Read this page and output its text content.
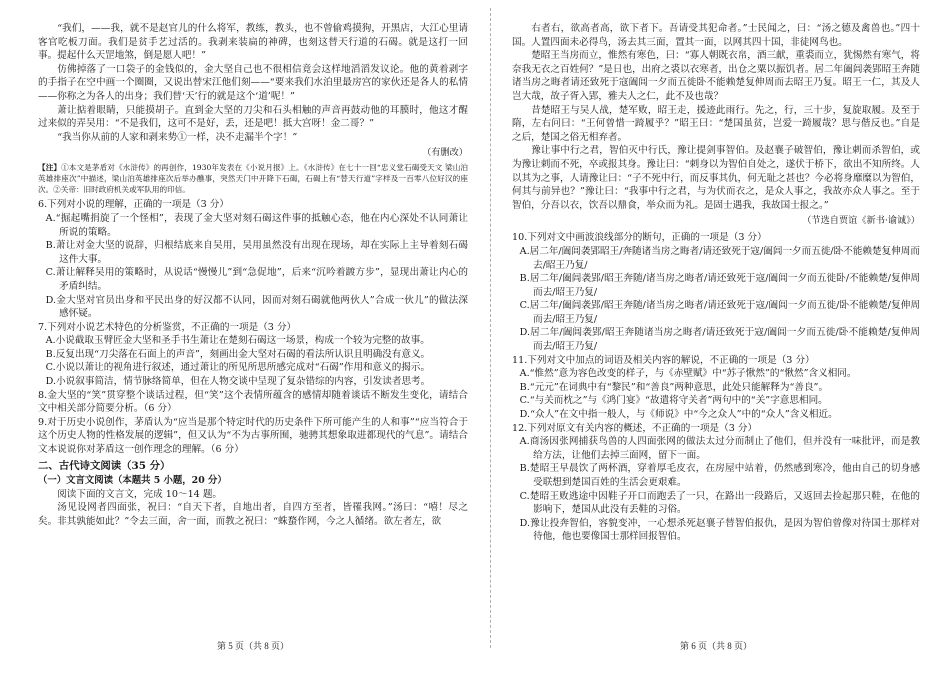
“我们，——我，就不是赵官儿的什么将军，教练，教头，也不曾偷鸡摸狗，开黑店，大江心里请客官吃板刀面。我们是贫手艺过活的。我剥来装扁的神碑，也刻这替天行道的石碣。就是这打一回事。提起什么天罡地煞，倒是愿人吧！”

仿佛掉落了一口袋子的金钱似的，金大坚自己也不很相信竟会这样地滔滔发议论。他的黄着剥字的手指子在空中画一个圈圈，又说出替宋江他们刻——“要来我们水泊里最房宫的家伙还是各人的私情——你称之为各人的出身；我们替‘天’行的就是这个‘道’呢！”

萧让掂着眼睛，只能摸胡子。直到金大坚的刀尖和石头相触的声音再鼓动他的耳膜时，他这才醒过来似的弄吴用：“不是我们，这可不是好，丢，还是吧！抵大宫呀！金二哥？”

“我当你从前的人家和剥来势①一样，决不走漏半个字！”

（有删改）

【注】①本文是茅盾对《水浒传》的再创作，1930年发表在《小说月报》上。《水浒传》在七十一回“忠义堂石碣受天文 梁山泊英雄排座次”中描述，梁山泊英雄排座次后举办醮事，突然天门中开降下石碣，石碣上有“替天行道”字样及一百零八位好汉的座次。②关帝：旧时政府机关或军队用的印信。

6.下列对小说的理解，正确的一项是（3 分）

A.“掘起嘴捐旋了一个怪相”，表现了金大坚对刻石碣这件事的抵触心态，他在内心深处不认同萧让所说的策略。

B.萧让对金大坚的说辞，归根结底来自吴用，吴用虽然没有出现在现场，却在实际上主导着刻石碣这件大事。

C.萧让解释吴用的策略时，从说话“慢慢儿”到“急促地”，后来“沉吟着踱方步”，显现出萧让内心的矛盾纠结。

D.金大坚对官员出身和平民出身的好汉都不认同，因而对刻石碣就他两伙人”合成一伙儿”的做法深感怀疑。

7.下列对小说艺术特色的分析鉴赏，不正确的一项是（3 分）

A.小说截取玉臂匠金大坚和圣手书生萧让在楚刻石碣这一场景，构成一个较为完整的故事。

B.反复出现“刀尖落在石面上的声音”，刻画出金大坚对石碣的看法所认识且明确没有意义。

C.小说以萧让的视角进行叙述，通过萧让的所见所思所感完成对“石碣”作用和意义的揭示。

D.小说叙事简洁，情节脉络简单，但在人物交谈中呈现了复杂错综的内容，引发读者思考。

8.金大坚的“笑”贯穿整个谈话过程，但“笑”这个表情所蕴含的感情却随着谈话不断发生变化，请结合文中相关部分简要分析。（6 分）

9.对于历史小说创作，茅盾认为“应当是那个特定时代的历史条件下所可能产生的人和事”“应当符合于这个历史人物的性格发展的逻辑”，但又认为“不为古事所囿，驰骋其想象取进都现代的气息”。请结合文本说说你对茅盾这一创作理念的理解。（6 分）

二、古代诗文阅读（35 分）

（一）文言文阅读（本题共 5 小题，20 分）

阅读下面的文言文，完成 10～14 题。

汤见设网者四面张，祝曰：“自天下者，自地出者，自四方至者，皆罹我网。”汤曰：“嘻！尽之矣。非其孰能如此？”令去三面，舍一面，而教之祝曰：“蛛蝥作网，今之人循绪。欲左者左，欲

第 5 页（共 8 页）

右者右，欲高者高，欲下者下。吾请受其犯命者。”士民闻之，曰：“汤之德及禽兽也。”四十国。人置四面未必得鸟，汤去其三面，置其一面，以网其四十国，非徒网鸟也。

楚昭王当房而立，惟然有寒色，曰：“寡人朝既衣帛，酒三献，重裘而立，犹惕然有寒气，将奈我无衣之百姓何？”是日也，出府之裘以衣寒者，出仓之粟以振饥者。居二年阖闾袭郢昭王奔随诸当房之晦者请还致死于寇阖闾一夕而五徙卧不能赖楚复伸周而去昭王乃复。昭王一仁，其及人岂大哉，故子胥入郢，雅夫人之仁，此不及也哉？

昔楚昭王与吴人战，楚军败，昭王走，援迹此雨行。先之，行，三十步，复旋取履。及至于隋，左右问曰：“王何曾惜一踦履乎？”昭王曰：“楚国虽贫，岂爱一踦履哉？思与偕反也。”自是之后，楚国之俗无相弃者。

豫让事中行之君，智伯灭中行氏，豫让提剑事智伯。及赵襄子破智伯，豫让刺而杀智伯，或为豫让刺而不死，卒或报其身。豫让曰：“刺身以为智伯自处之，遂伏于桥下，欲出不知所终。人以其为之事，人请豫让曰：“子不死中行，而反事其仇，何无耻之甚也？今必将身靡糜以为智伯，何其与前异也？”豫让曰：“我事中行之君，与为伏而衣之，是众人事之，我故亦众人事之。至于智伯，分吾以衣，饮吾以鼎食，举众而为礼。是固士遇我，我故国士报之。”

（节选自贾谊《新书·谕诚》）

10.下列对文中画波浪线部分的断句，正确的一项是（3 分）

A.居二年/阖闾袭郢昭王/奔随诸当房之晦者/请还致死于寇/阖闾一夕而五徙/卧不能赖楚复伸周而去/昭王乃复/

B.居二年/阖闾袭郢/昭王奔随/诸当房之晦者/请还致死于寇/阖闾一夕而五徙卧/不能赖楚/复伸周而去/昭王乃复/

C.居二年/阖闾袭郢/昭王奔随/诸当房之晦者/请还致死于寇/阖闾一夕而五徙/卧不能赖楚/复伸周而去/昭王乃复/

D.居二年/阖闾袭郢/昭王奔随诸当房之晦者/请还致死于寇/阖闾一夕而五徙/卧不能赖楚/复伸周而去/昭王乃复/

11.下列对文中加点的词语及相关内容的解说，不正确的一项是（3 分）

A.“惟然”意为容色改变的样子，与《赤壁赋》中“苏子愀然”的“愀然”含义相同。

B.“元元”在词典中有“黎民”和“善良”两种意思，此处只能解释为“善良”。

C.“与关而枕之”与《鸿门宴》“故遣将守关者”两句中的“关”字意思相同。

D.“众人”在文中指一般人，与《师说》中“今之众人”中的“众人”含义相近。

12.下列对原文有关内容的概述，不正确的一项是（3 分）

A.商汤因张网捕获鸟兽的人四面张网的做法太过分而制止了他们，但并没有一味批评，而是教给方法，让他们去掉三面网，留下一面。

B.楚昭王早晨饮了两杯酒，穿着厚毛皮衣，在房屋中站着，仍然感到寒冷，他由自己的切身感受联想到楚国百姓的生活会更艰难。

C.楚昭王败逃途中因鞋子开口而跑丢了一只，在路出一段路后，又返回去捡起那只鞋，在他的影响下，楚国从此没有丢鞋的习俗。

D.豫让投奔智伯，容貌变冲，一心想杀死赵襄子替智伯报仇，是因为智伯曾像对待国士那样对待他，他也要像国士那样回报智伯。

第 6 页（共 8 页）
